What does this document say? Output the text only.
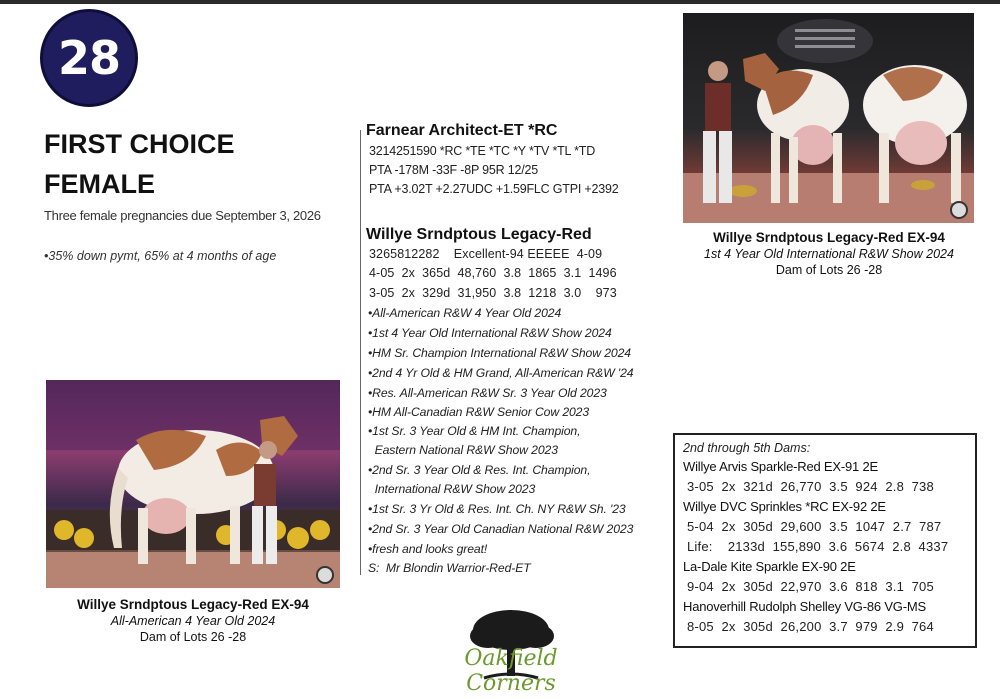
28
FIRST CHOICE
FEMALE
Three female pregnancies due September 3, 2026
•35% down pymt, 65% at 4 months of age
Farnear Architect-ET *RC
3214251590 *RC *TE *TC *Y *TV *TL *TD
PTA -178M -33F -8P 95R 12/25
PTA +3.02T +2.27UDC +1.59FLC GTPI +2392
Willye Srndptous Legacy-Red
3265812282    Excellent-94 EEEEE  4-09
4-05  2x  365d  48,760  3.8  1865  3.1  1496
3-05  2x  329d  31,950  3.8  1218  3.0    973
•All-American R&W 4 Year Old 2024
•1st 4 Year Old International R&W Show 2024
•HM Sr. Champion International R&W Show 2024
•2nd 4 Yr Old & HM Grand, All-American R&W '24
•Res. All-American R&W Sr. 3 Year Old 2023
•HM All-Canadian R&W Senior Cow 2023
•1st Sr. 3 Year Old & HM Int. Champion,
Eastern National R&W Show 2023
•2nd Sr. 3 Year Old & Res. Int. Champion,
International R&W Show 2023
•1st Sr. 3 Yr Old & Res. Int. Ch. NY R&W Sh. '23
•2nd Sr. 3 Year Old Canadian National R&W 2023
•fresh and looks great!
S:  Mr Blondin Warrior-Red-ET
Willye Srndptous Legacy-Red EX-94
1st 4 Year Old International R&W Show 2024
Dam of Lots 26 -28
Willye Srndptous Legacy-Red EX-94
All-American 4 Year Old 2024
Dam of Lots 26 -28
2nd through 5th Dams:
Willye Arvis Sparkle-Red EX-91 2E
3-05  2x  321d  26,770  3.5  924  2.8  738
Willye DVC Sprinkles *RC EX-92 2E
5-04  2x  305d  29,600  3.5  1047  2.7  787
Life:    2133d  155,890  3.6  5674  2.8  4337
La-Dale Kite Sparkle EX-90 2E
9-04  2x  305d  22,970  3.6  818  3.1  705
Hanoverhill Rudolph Shelley VG-86 VG-MS
8-05  2x  305d  26,200  3.7  979  2.9  764
Oakfield Corners
